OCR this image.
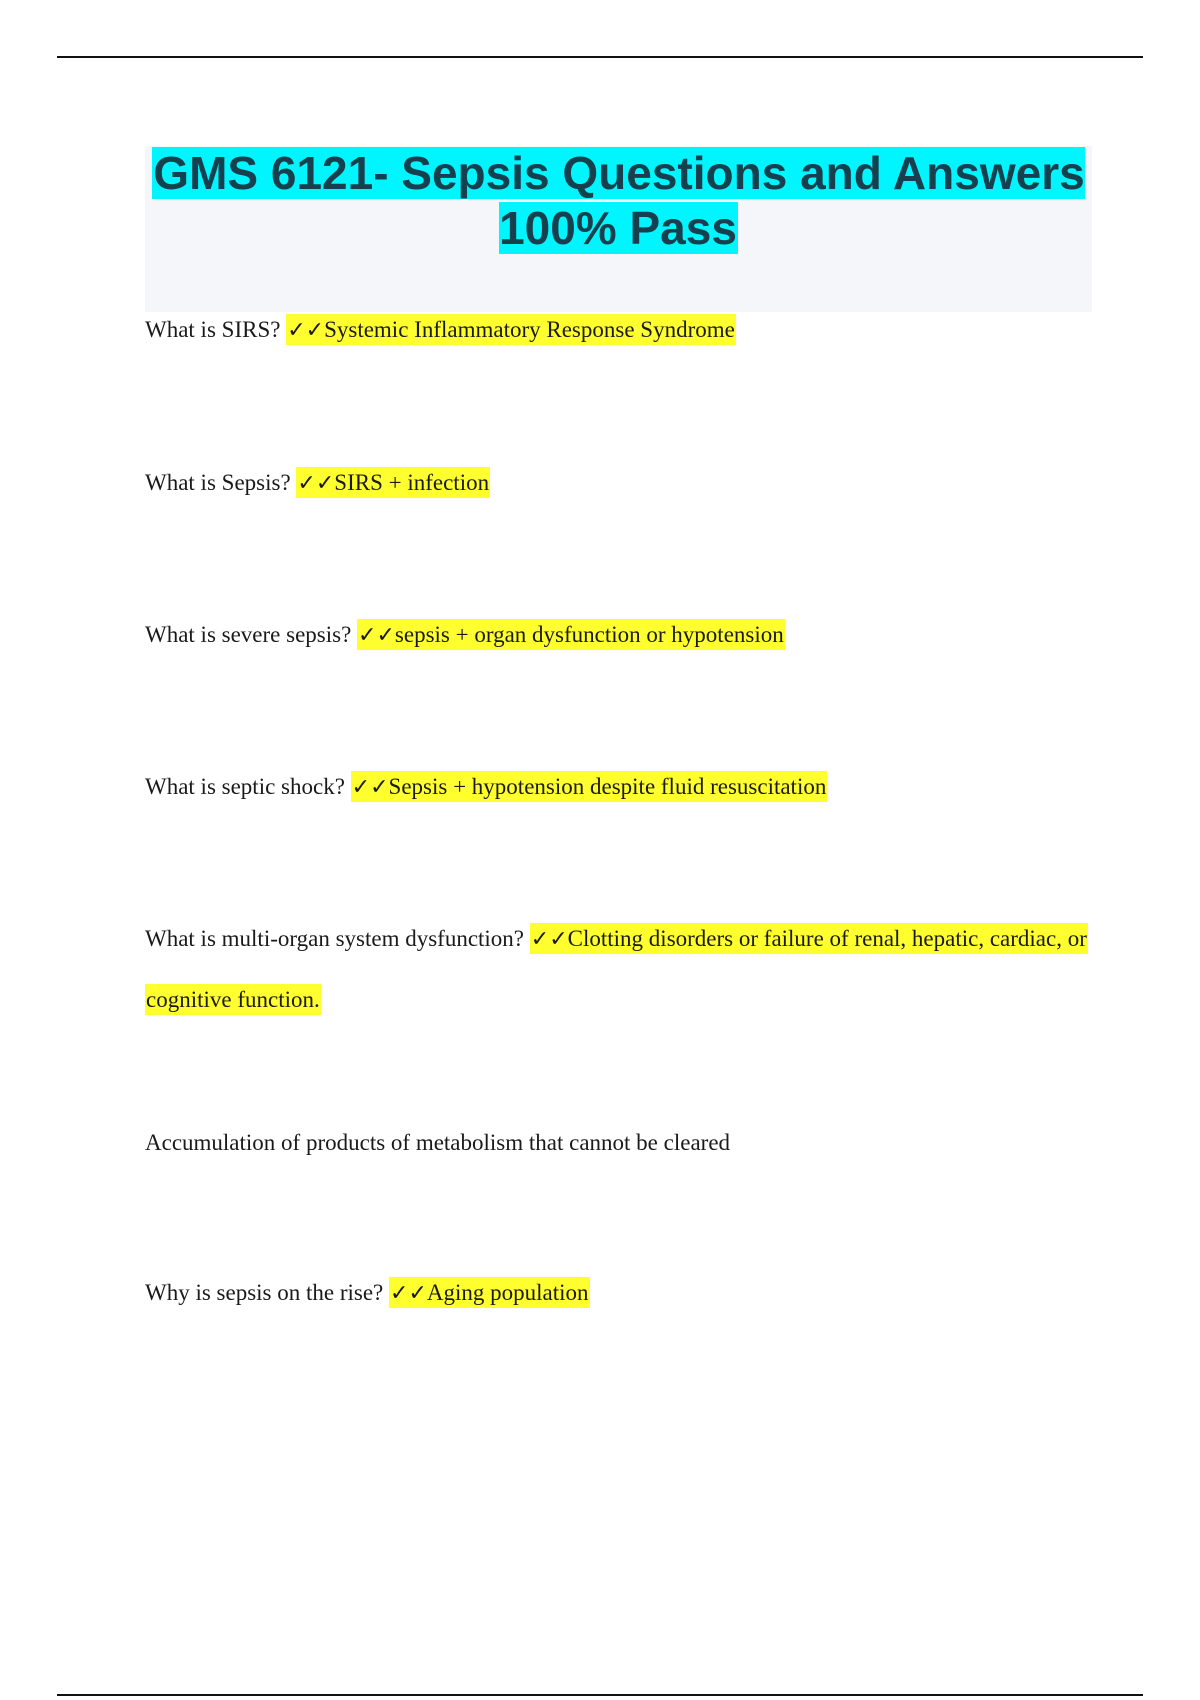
GMS 6121- Sepsis Questions and Answers 100% Pass

What is SIRS? ✓✓Systemic Inflammatory Response Syndrome

What is Sepsis? ✓✓SIRS + infection

What is severe sepsis? ✓✓sepsis + organ dysfunction or hypotension

What is septic shock? ✓✓Sepsis + hypotension despite fluid resuscitation

What is multi-organ system dysfunction? ✓✓Clotting disorders or failure of renal, hepatic, cardiac, or cognitive function.

Accumulation of products of metabolism that cannot be cleared

Why is sepsis on the rise? ✓✓Aging population
